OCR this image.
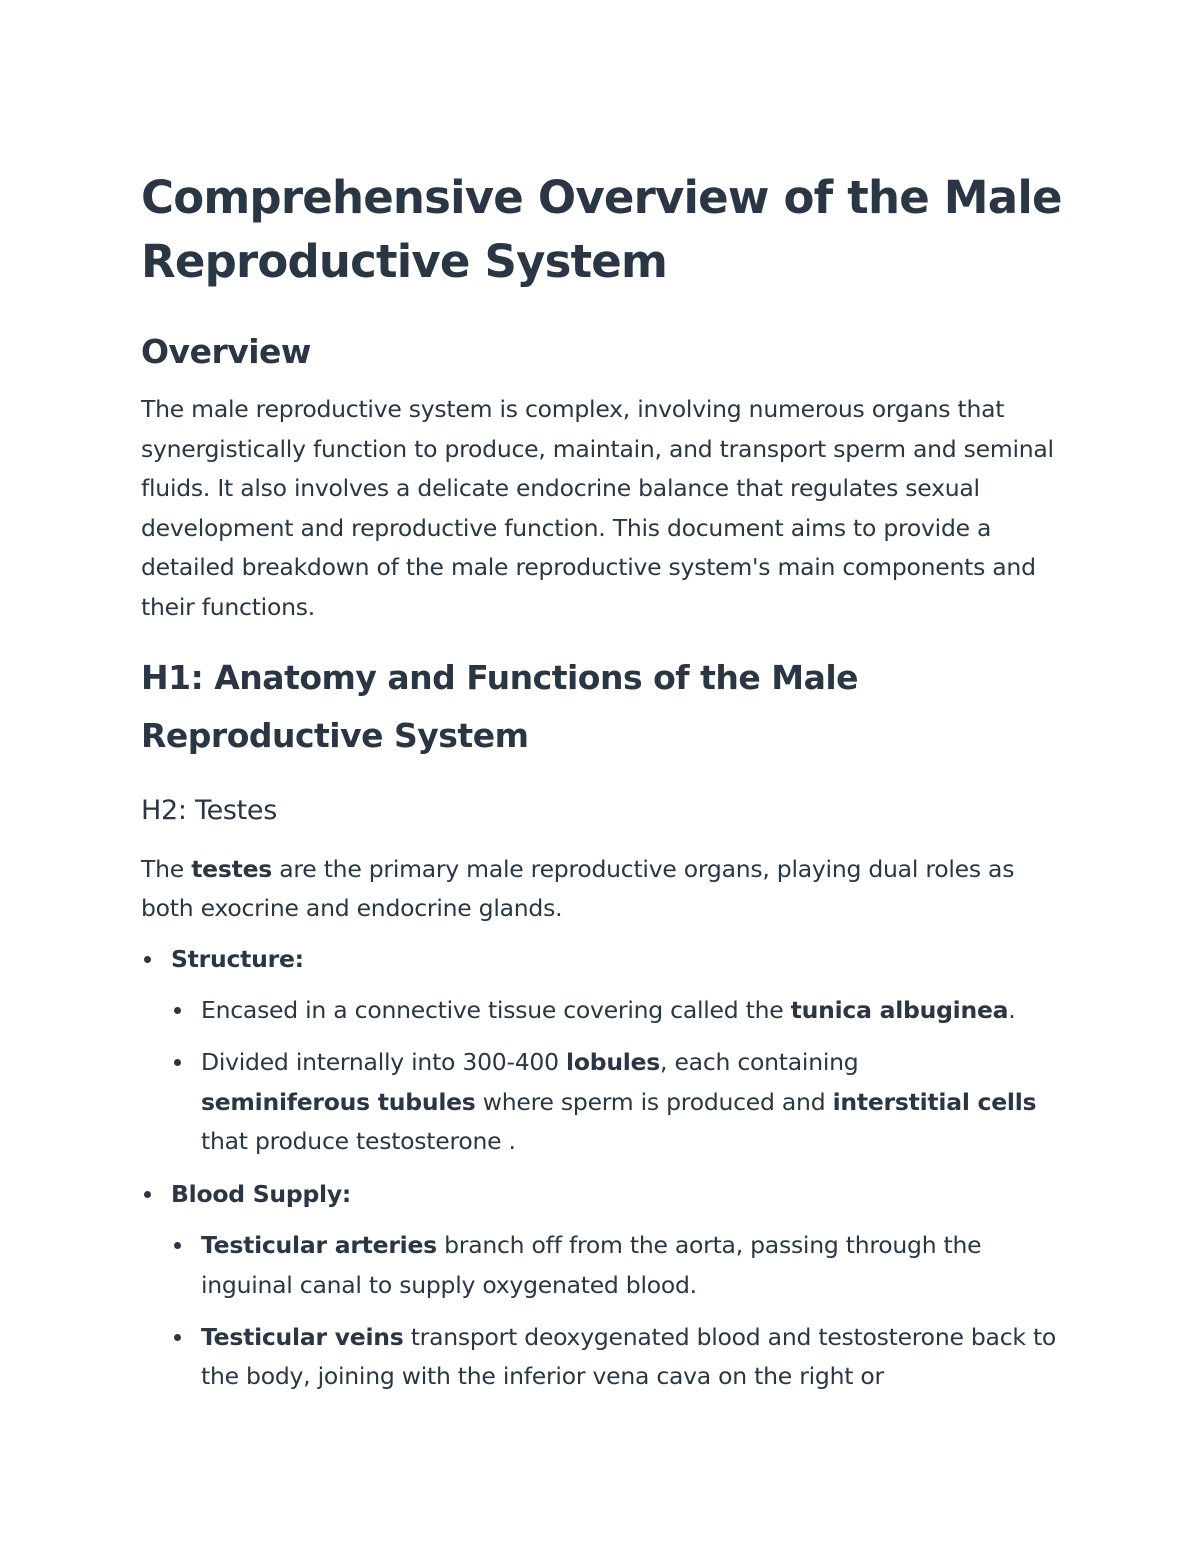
Comprehensive Overview of the Male Reproductive System
Overview

The male reproductive system is complex, involving numerous organs that synergistically function to produce, maintain, and transport sperm and seminal fluids. It also involves a delicate endocrine balance that regulates sexual development and reproductive function. This document aims to provide a detailed breakdown of the male reproductive system's main components and their functions.

H1: Anatomy and Functions of the Male Reproductive System
H2: Testes

The testes are the primary male reproductive organs, playing dual roles as both exocrine and endocrine glands.

Structure:
Encased in a connective tissue covering called the tunica albuginea.
Divided internally into 300-400 lobules, each containing
seminiferous tubules where sperm is produced and interstitial cells that produce testosterone .
Blood Supply:
Testicular arteries branch off from the aorta, passing through the inguinal canal to supply oxygenated blood.
Testicular veins transport deoxygenated blood and testosterone back to the body, joining with the inferior vena cava on the right or
